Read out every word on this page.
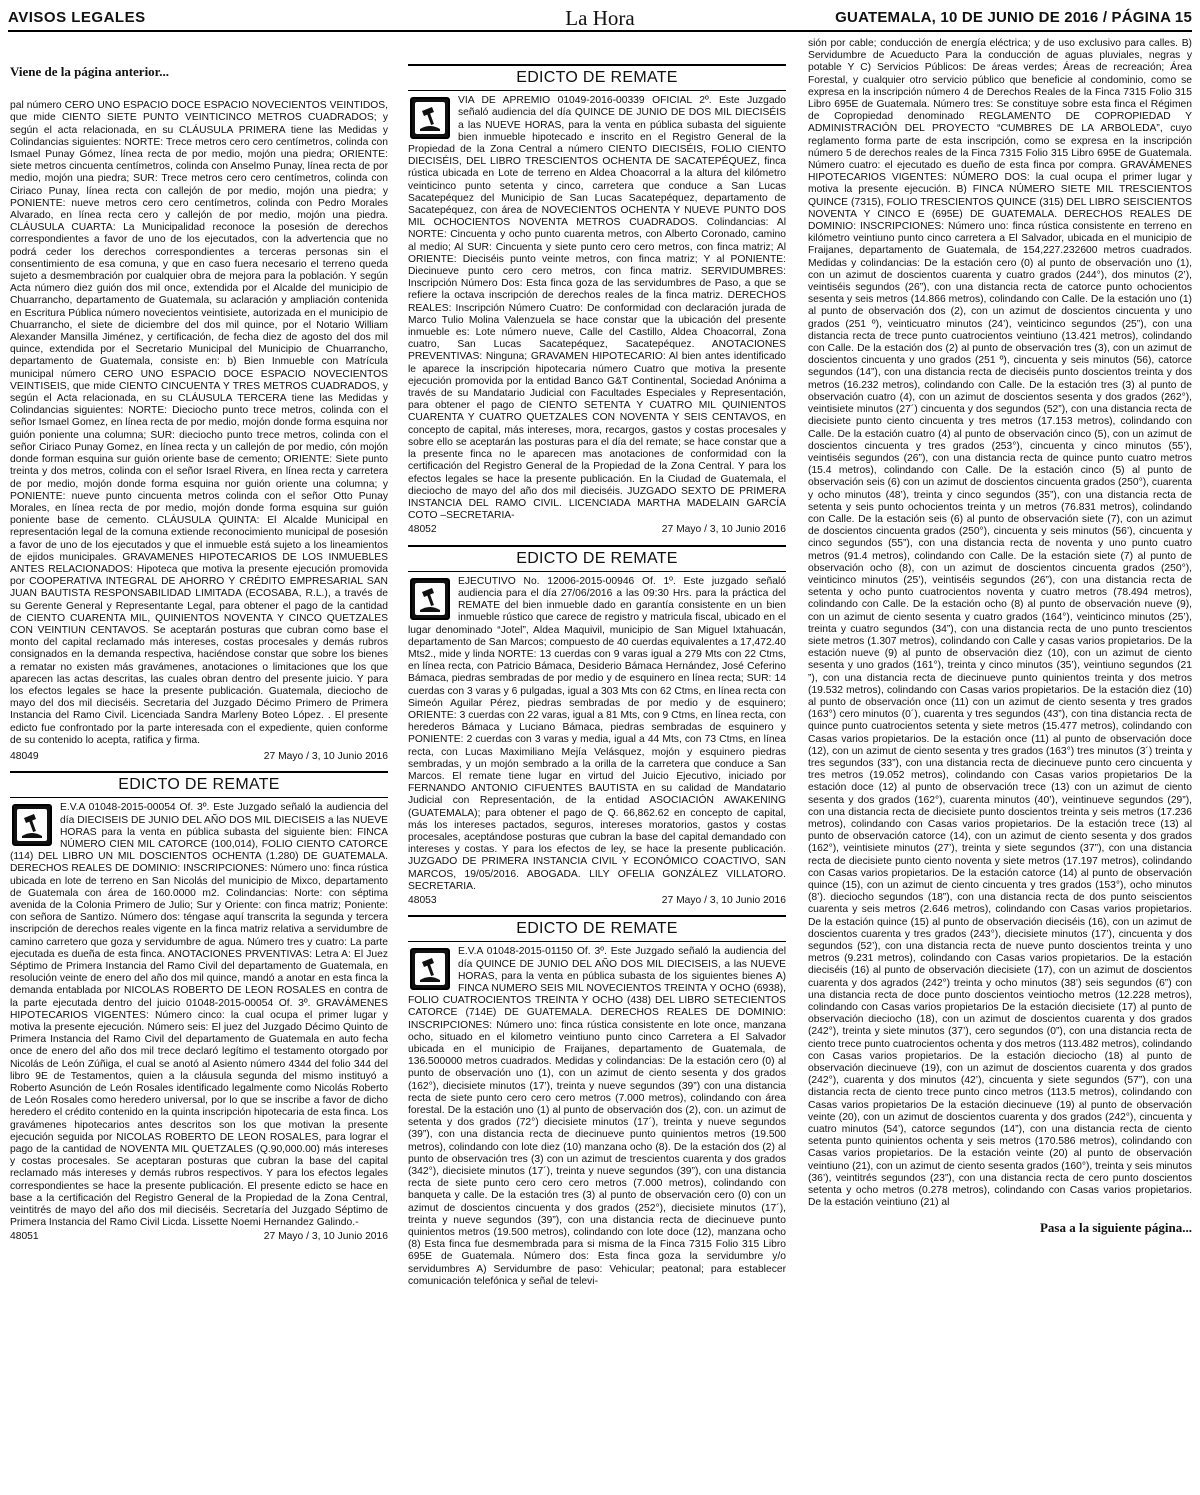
AVISOS LEGALES	La Hora	GUATEMALA, 10 DE JUNIO DE 2016 / PÁGINA 15

Viene de la página anterior...

pal número CERO UNO ESPACIO DOCE ESPACIO NOVECIENTOS VEINTIDOS, que mide CIENTO SIETE PUNTO VEINTICINCO METROS CUADRADOS; y según el acta relacionada, en su CLÁUSULA PRIMERA tiene las Medidas y Colindancias siguientes: NORTE: Trece metros cero cero centímetros, colinda con Ismael Punay Gómez, línea recta de por medio, mojón una piedra; ORIENTE: siete metros cincuenta centímetros, colinda con Anselmo Punay, línea recta de por medio, mojón una piedra; SUR: Trece metros cero cero centímetros, colinda con Ciriaco Punay, línea recta con callejón de por medio, mojón una piedra; y PONIENTE: nueve metros cero cero centímetros, colinda con Pedro Morales Alvarado, en línea recta cero y callejón de por medio, mojón una piedra. CLÁUSULA CUARTA: La Municipalidad reconoce la posesión de derechos correspondientes a favor de uno de los ejecutados, con la advertencia que no podrá ceder los derechos correspondientes a terceras personas sin el consentimiento de esa comuna, y que en caso fuera necesario el terreno queda sujeto a desmembración por cualquier obra de mejora para la población. Y según Acta número diez guión dos mil once, extendida por el Alcalde del municipio de Chuarrancho, departamento de Guatemala, su aclaración y ampliación contenida en Escritura Pública número novecientos veintisiete, autorizada en el municipio de Chuarrancho, el siete de diciembre del dos mil quince, por el Notario William Alexander Mansilla Jiménez, y certificación, de fecha diez de agosto del dos mil quince, extendida por el Secretario Municipal del Municipio de Chuarrancho, departamento de Guatemala, consiste en: b) Bien Inmueble con Matrícula municipal número CERO UNO ESPACIO DOCE ESPACIO NOVECIENTOS VEINTISEIS, que mide CIENTO CINCUENTA Y TRES METROS CUADRADOS, y según el Acta relacionada, en su CLÁUSULA TERCERA tiene las Medidas y Colindancias siguientes: NORTE: Dieciocho punto trece metros, colinda con el señor Ismael Gomez, en línea recta de por medio, mojón donde forma esquina nor guión poniente una columna; SUR: dieciocho punto trece metros, colinda con el señor Ciriaco Punay Gomez, en línea recta y un callejón de por medio, cón mojón donde forman esquina sur guión oriente base de cemento; ORIENTE: Siete punto treinta y dos metros, colinda con el señor Israel Rivera, en línea recta y carretera de por medio, mojón donde forma esquina nor guión oriente una columna; y PONIENTE: nueve punto cincuenta metros colinda con el señor Otto Punay Morales, en línea recta de por medio, mojón donde forma esquina sur guión poniente base de cemento. CLÁUSULA QUINTA: El Alcalde Municipal en representación legal de la comuna extiende reconocimiento municipal de posesión a favor de uno de los ejecutados y que el inmueble está sujeto a los lineamientos de ejidos municipales. GRAVAMENES HIPOTECARIOS DE LOS INMUEBLES ANTES RELACIONADOS: Hipoteca que motiva la presente ejecución promovida por COOPERATIVA INTEGRAL DE AHORRO Y CRÉDITO EMPRESARIAL SAN JUAN BAUTISTA RESPONSABILIDAD LIMITADA (ECOSABA, R.L.), a través de su Gerente General y Representante Legal, para obtener el pago de la cantidad de CIENTO CUARENTA MIL, QUINIENTOS NOVENTA Y CINCO QUETZALES CON VEINTIUN CENTAVOS. Se aceptarán posturas que cubran como base el monto del capital reclamado más intereses, costas procesales y demás rubros consignados en la demanda respectiva, haciéndose constar que sobre los bienes a rematar no existen más gravámenes, anotaciones o limitaciones que los que aparecen las actas descritas, las cuales obran dentro del presente juicio. Y para los efectos legales se hace la presente publicación. Guatemala, dieciocho de mayo del dos mil dieciséis. Secretaria del Juzgado Décimo Primero de Primera Instancia del Ramo Civil. Licenciada Sandra Marleny Boteo López. . El presente edicto fue confrontado por la parte interesada con el expediente, quien conforme de su contenido lo acepta, ratifica y firma.

48049	27 Mayo / 3, 10 Junio 2016
EDICTO DE REMATE

E.V.A 01048-2015-00054 Of. 3º. Este Juzgado señaló la audiencia del día DIECISEIS DE JUNIO DEL AÑO DOS MIL DIECISEIS a las NUEVE HORAS para la venta en pública subasta del siguiente bien: FINCA NÚMERO CIEN MIL CATORCE (100,014), FOLIO CIENTO CATORCE (114) DEL LIBRO UN MIL DOSCIENTOS OCHENTA (1.280) DE GUATEMALA. DERECHOS REALES DE DOMINIO: INSCRIPCIONES: Número uno: finca rústica ubicada en lote de terreno en San Nicolás del municipio de Mixco, departamento de Guatemala con área de 160.0000 m2. Colindancias: Norte: con séptima avenida de la Colonia Primero de Julio; Sur y Oriente: con finca matriz; Poniente: con señora de Santizo. Número dos: téngase aquí transcrita la segunda y tercera inscripción de derechos reales vigente en la finca matriz relativa a servidumbre de camino carretero que goza y servidumbre de agua. Número tres y cuatro: La parte ejecutada es dueña de esta finca. ANOTACIONES PRVENTIVAS: Letra A: El Juez Séptimo de Primera Instancia del Ramo Civil del departamento de Guatemala, en resolución veinte de enero del año dos mil quince, mandó a anotar en esta finca la demanda entablada por NICOLAS ROBERTO DE LEON ROSALES en contra de la parte ejecutada dentro del juicio 01048-2015-00054 Of. 3º. GRAVÁMENES HIPOTECARIOS VIGENTES: Número cinco: la cual ocupa el primer lugar y motiva la presente ejecución. Número seis: El juez del Juzgado Décimo Quinto de Primera Instancia del Ramo Civil del departamento de Guatemala en auto fecha once de enero del año dos mil trece declaró legítimo el testamento otorgado por Nicolás de León Zúñiga, el cual se anotó al Asiento número 4344 del folio 344 del libro 9E de Testamentos, quien a la cláusula segunda del mismo instituyó a Roberto Asunción de León Rosales identificado legalmente como Nicolás Roberto de León Rosales como heredero universal, por lo que se inscribe a favor de dicho heredero el crédito contenido en la quinta inscripción hipotecaria de esta finca. Los gravámenes hipotecarios antes descritos son los que motivan la presente ejecución seguida por NICOLAS ROBERTO DE LEON ROSALES, para lograr el pago de la cantidad de NOVENTA MIL QUETZALES (Q.90,000.00) más intereses y costas procesales. Se aceptaran posturas que cubran la base del capital reclamado más intereses y demás rubros respectivos. Y para los efectos legales correspondientes se hace la presente publicación. El presente edicto se hace en base a la certificación del Registro General de la Propiedad de la Zona Central, veintitrés de mayo del año dos mil dieciséis. Secretaría del Juzgado Séptimo de Primera Instancia del Ramo Civil Licda. Lissette Noemi Hernandez Galindo.-

48051	27 Mayo / 3, 10 Junio 2016
EDICTO DE REMATE

VIA DE APREMIO 01049-2016-00339 OFICIAL 2º. Este Juzgado señaló audiencia del día QUINCE DE JUNIO DE DOS MIL DIECISÉIS a las NUEVE HORAS, para la venta en pública subasta del siguiente bien inmueble hipotecado e inscrito en el Registro General de la Propiedad de la Zona Central a número CIENTO DIECISÉIS, FOLIO CIENTO DIECISÉIS, DEL LIBRO TRESCIENTOS OCHENTA DE SACATEPÉQUEZ, finca rústica ubicada en Lote de terreno en Aldea Choacorral a la altura del kilómetro veinticinco punto setenta y cinco, carretera que conduce a San Lucas Sacatepéquez del Municipio de San Lucas Sacatepéquez, departamento de Sacatepéquez, con área de NOVECIENTOS OCHENTA Y NUEVE PUNTO DOS MIL OCHOCIENTOS NOVENTA METROS CUADRADOS. Colindancias: Al NORTE: Cincuenta y ocho punto cuarenta metros, con Alberto Coronado, camino al medio; Al SUR: Cincuenta y siete punto cero cero metros, con finca matriz; Al ORIENTE: Dieciséis punto veinte metros, con finca matriz; Y al PONIENTE: Diecinueve punto cero cero metros, con finca matriz. SERVIDUMBRES: Inscripción Número Dos: Esta finca goza de las servidumbres de Paso, a que se refiere la octava inscripción de derechos reales de la finca matriz. DERECHOS REALES: Inscripción Número Cuatro: De conformidad con declaración jurada de Marco Tulio Molina Valenzuela se hace constar que la ubicación del presente inmueble es: Lote número nueve, Calle del Castillo, Aldea Choacorral, Zona cuatro, San Lucas Sacatepéquez, Sacatepéquez. ANOTACIONES PREVENTIVAS: Ninguna; GRAVAMEN HIPOTECARIO: Al bien antes identificado le aparece la inscripción hipotecaria número Cuatro que motiva la presente ejecución promovida por la entidad Banco G&T Continental, Sociedad Anónima a través de su Mandatario Judicial con Facultades Especiales y Representación, para obtener el pago de CIENTO SETENTA Y CUATRO MIL QUINIENTOS CUARENTA Y CUATRO QUETZALES CON NOVENTA Y SEIS CENTAVOS, en concepto de capital, más intereses, mora, recargos, gastos y costas procesales y sobre ello se aceptarán las posturas para el día del remate; se hace constar que a la presente finca no le aparecen mas anotaciones de conformidad con la certificación del Registro General de la Propiedad de la Zona Central. Y para los efectos legales se hace la presente publicación. En la Ciudad de Guatemala, el dieciocho de mayo del año dos mil dieciséis. JUZGADO SEXTO DE PRIMERA INSTANCIA DEL RAMO CIVIL. LICENCIADA MARTHA MADELAIN GARCÍA COTO –SECRETARIA-

48052	27 Mayo / 3, 10 Junio 2016
EDICTO DE REMATE

EJECUTIVO No. 12006-2015-00946 Of. 1º. Este juzgado señaló audiencia para el día 27/06/2016 a las 09:30 Hrs. para la práctica del REMATE del bien inmueble dado en garantía consistente en un bien inmueble rústico que carece de registro y matricula fiscal, ubicado en el lugar denominado “Jotel”, Aldea Maquivil, municipio de San Miguel Ixtahuacán, departamento de San Marcos; compuesto de 40 cuerdas equivalentes a 17,472.40 Mts2., mide y linda NORTE: 13 cuerdas con 9 varas igual a 279 Mts con 22 Ctms, en línea recta, con Patricio Bámaca, Desiderio Bámaca Hernández, José Ceferino Bámaca, piedras sembradas de por medio y de esquinero en línea recta; SUR: 14 cuerdas con 3 varas y 6 pulgadas, igual a 303 Mts con 62 Ctms, en línea recta con Simeón Aguilar Pérez, piedras sembradas de por medio y de esquinero; ORIENTE: 3 cuerdas con 22 varas, igual a 81 Mts, con 9 Ctms, en línea recta, con herederos Bámaca y Luciano Bámaca, piedras sembradas de esquinero y PONIENTE: 2 cuerdas con 3 varas y media, igual a 44 Mts, con 73 Ctms, en línea recta, con Lucas Maximiliano Mejía Velásquez, mojón y esquinero piedras sembradas, y un mojón sembrado a la orilla de la carretera que conduce a San Marcos. El remate tiene lugar en virtud del Juicio Ejecutivo, iniciado por FERNANDO ANTONIO CIFUENTES BAUTISTA en su calidad de Mandatario Judicial con Representación, de la entidad ASOCIACIÓN AWAKENING (GUATEMALA); para obtener el pago de Q. 66,862.62 en concepto de capital, más los intereses pactados, seguros, intereses moratorios, gastos y costas procesales, aceptándose posturas que cubran la base del capital demandado con intereses y costas. Y para los efectos de ley, se hace la presente publicación. JUZGADO DE PRIMERA INSTANCIA CIVIL Y ECONÓMICO COACTIVO, SAN MARCOS, 19/05/2016. ABOGADA. LILY OFELIA GONZÁLEZ VILLATORO. SECRETARIA.

48053	27 Mayo / 3, 10 Junio 2016
EDICTO DE REMATE

E.V.A 01048-2015-01150 Of. 3º. Este Juzgado señaló la audiencia del día QUINCE DE JUNIO DEL AÑO DOS MIL DIECISEIS, a las NUEVE HORAS, para la venta en pública subasta de los siguientes bienes A) FINCA NUMERO SEIS MIL NOVECIENTOS TREINTA Y OCHO (6938), FOLIO CUATROCIENTOS TREINTA Y OCHO (438) DEL LIBRO SETECIENTOS CATORCE (714E) DE GUATEMALA. DERECHOS REALES DE DOMINIO: INSCRIPCIONES: Número uno: finca rústica consistente en lote once, manzana ocho, situado en el kilometro veintiuno punto cinco Carretera a El Salvador ubicada en el municipio de Fraijanes, departamento de Guatemala, de 136.500000 metros cuadrados. Medidas y colindancias: De la estación cero (0) al punto de observación uno (1), con un azimut de ciento sesenta y dos grados (162°), diecisiete minutos (17’), treinta y nueve segundos (39”) con una distancia recta de siete punto cero cero cero metros (7.000 metros), colindando con área forestal. De la estación uno (1) al punto de observación dos (2), con. un azimut de setenta y dos grados (72°) diecisiete minutos (17´), treinta y nueve segundos (39”), con una distancia recta de diecinueve punto quinientos metros (19.500 metros), colindando con lote diez (10) manzana ocho (8). De la estación dos (2) al punto de observación tres (3) con un azimut de trescientos cuarenta y dos grados (342°), diecisiete minutos (17´), treinta y nueve segundos (39”), con una distancia recta de siete punto cero cero cero metros (7.000 metros), colindando con banqueta y calle. De la estación tres (3) al punto de observación cero (0) con un azimut de doscientos cincuenta y dos grados (252°), diecisiete minutos (17´), treinta y nueve segundos (39”), con una distancia recta de diecinueve punto quinientos metros (19.500 metros), colindando con lote doce (12), manzana ocho (8) Esta finca fue desmembrada para si misma de la Finca 7315 Folio 315 Libro 695E de Guatemala. Número dos: Esta finca goza la servidumbre y/o servidumbres A) Servidumbre de paso: Vehicular; peatonal; para establecer comunicación telefónica y señal de televi-

sión por cable; conducción de energía eléctrica; y de uso exclusivo para calles. B) Servidumbre de Acueducto Para la conducción de aguas pluviales, negras y potable Y C) Servicios Públicos: De áreas verdes; Áreas de recreación; Área Forestal, y cualquier otro servicio público que beneficie al condominio, como se expresa en la inscripción número 4 de Derechos Reales de la Finca 7315 Folio 315 Libro 695E de Guatemala. Número tres: Se constituye sobre esta finca el Régimen de Copropiedad denominado REGLAMENTO DE COPROPIEDAD Y ADMINISTRACIÓN DEL PROYECTO “CUMBRES DE LA ARBOLEDA”, cuyo reglamento forma parte de esta inscripción, como se expresa en la inscripción número 5 de derechos reales de la Finca 7315 Folio 315 Libro 695E de Guatemala. Número cuatro: el ejecutado es dueño de esta finca por compra. GRAVÁMENES HIPOTECARIOS VIGENTES: NÚMERO DOS: la cual ocupa el primer lugar y motiva la presente ejecución. B) FINCA NÚMERO SIETE MIL TRESCIENTOS QUINCE (7315), FOLIO TRESCIENTOS QUINCE (315) DEL LIBRO SEISCIENTOS NOVENTA Y CINCO E (695E) DE GUATEMALA. DERECHOS REALES DE DOMINIO: INSCRIPCIONES: Número uno: finca rústica consistente en terreno en kilómetro veintiuno punto cinco carretera a El Salvador, ubicada en el municipio de Fraijanes, departamento de Guatemala, de 154,227.232600 metros cuadrados. Medidas y colindancias: De la estación cero (0) al punto de observación uno (1), con un azimut de doscientos cuarenta y cuatro grados (244°), dos minutos (2’), veintiséis segundos (26”), con una distancia recta de catorce punto ochocientos sesenta y seis metros (14.866 metros), colindando con Calle. De la estación uno (1) al punto de observación dos (2), con un azimut de doscientos cincuenta y uno grados (251 º), veinticuatro minutos (24’), veinticinco segundos (25”), con una distancia recta de trece punto cuatrocientos veintiuno (13.421 metros), colindando con Calle. De la estación dos (2) al punto de observación tres (3), con un azimut de doscientos cincuenta y uno grados (251 º), cincuenta y seis minutos (56), catorce segundos (14”), con una distancia recta de dieciséis punto doscientos treinta y dos metros (16.232 metros), colindando con Calle. De la estación tres (3) al punto de observación cuatro (4), con un azimut de doscientos sesenta y dos grados (262°), veintisiete minutos (27´) cincuenta y dos segundos (52”), con una distancia recta de diecisiete punto ciento cincuenta y tres metros (17.153 metros), colindando con Calle. De la estación cuatro (4) al punto de observación cinco (5), con un azimut de doscientos cincuenta y tres grados (253°), cincuenta y cinco minutos (55’), veintiséis segundos (26”), con una distancia recta de quince punto cuatro metros (15.4 metros), colindando con Calle. De la estación cinco (5) al punto de observación seis (6) con un azimut de doscientos cincuenta grados (250°), cuarenta y ocho minutos (48’), treinta y cinco segundos (35”), con una distancia recta de setenta y seis punto ochocientos treinta y un metros (76.831 metros), colindando con Calle. De la estación seis (6) al punto de observación siete (7), con un azimut de doscientos cincuenta grados (250°), cincuenta y seis minutos (56’), cincuenta y cinco segundos (55”), con una distancia recta de noventa y uno punto cuatro metros (91.4 metros), colindando con Calle. De la estación siete (7) al punto de observación ocho (8), con un azimut de doscientos cincuenta grados (250°), veinticinco minutos (25’), veintiséis segundos (26”), con una distancia recta de setenta y ocho punto cuatrocientos noventa y cuatro metros (78.494 metros), colindando con Calle. De la estación ocho (8) al punto de observación nueve (9), con un azimut de ciento sesenta y cuatro grados (164°), veinticinco minutos (25’), treinta y cuatro segundos (34”), con una distancia recta de uno punto trescientos siete metros (1.307 metros), colindando con Calle y casas varios propietarios. De la estación nueve (9) al punto de observación diez (10), con un azimut de ciento sesenta y uno grados (161°), treinta y cinco minutos (35’), veintiuno segundos (21 ”), con una distancia recta de diecinueve punto quinientos treinta y dos metros (19.532 metros), colindando con Casas varios propietarios. De la estación diez (10) al punto de observación once (11) con un azimut de ciento sesenta y tres grados (163°) cero minutos (0´), cuarenta y tres segundos (43”), con tina distancia recta de quince punto cuatrocientos setenta y siete metros (15.477 metros), colindando con Casas varios propietarios. De la estación once (11) al punto de observación doce (12), con un azimut de ciento sesenta y tres grados (163°) tres minutos (3´) treinta y tres segundos (33”), con una distancia recta de diecinueve punto cero cincuenta y tres metros (19.052 metros), colindando con Casas varios propietarios De la estación doce (12) al punto de observación trece (13) con un azimut de ciento sesenta y dos grados (162°), cuarenta minutos (40’), veintinueve segundos (29”), con una distancia recta de diecisiete punto doscientos treinta y seis metros (17.236 metros), colindando con Casas varios propietarios. De la estación trece (13) al punto de observación catorce (14), con un azimut de ciento sesenta y dos grados (162°), veintisiete minutos (27’), treinta y siete segundos (37”), con una distancia recta de diecisiete punto ciento noventa y siete metros (17.197 metros), colindando con Casas varios propietarios. De la estación catorce (14) al punto de observación quince (15), con un azimut de ciento cincuenta y tres grados (153°), ocho minutos (8’). dieciocho segundos (18”), con una distancia recta de dos punto seiscientos cuarenta y seis metros (2.646 metros), colindando con Casas varios propietarios. De la estación quince (15) al punto de observación dieciséis (16), con un azimut de doscientos cuarenta y tres grados (243°), diecisiete minutos (17’), cincuenta y dos segundos (52’), con una distancia recta de nueve punto doscientos treinta y uno metros (9.231 metros), colindando con Casas varios propietarios. De la estación dieciséis (16) al punto de observación diecisiete (17), con un azimut de doscientos cuarenta y dos agrados (242°) treinta y ocho minutos (38’) seis segundos (6”) con una distancia recta de doce punto doscientos veintiocho metros (12.228 metros), colindando con Casas varios propietarios De la estación diecisiete (17) al punto de observación dieciocho (18), con un azimut de doscientos cuarenta y dos grados (242°), treinta y siete minutos (37’), cero segundos (0”), con una distancia recta de ciento trece punto cuatrocientos ochenta y dos metros (113.482 metros), colindando con Casas varios propietarios. De la estación dieciocho (18) al punto de observación diecinueve (19), con un azimut de doscientos cuarenta y dos grados (242°), cuarenta y dos minutos (42’), cincuenta y siete segundos (57”), con una distancia recta de ciento trece punto cinco metros (113.5 metros), colindando con Casas varios propietarios De la estación diecinueve (19) al punto de observación veinte (20), con un azimut de doscientos cuarenta y dos grados (242°), cincuenta y cuatro minutos (54’), catorce segundos (14”), con una distancia recta de ciento setenta punto quinientos ochenta y seis metros (170.586 metros), colindando con Casas varios propietarios. De la estación veinte (20) al punto de observación veintiuno (21), con un azimut de ciento sesenta grados (160°), treinta y seis minutos (36’), veintitrés segundos (23”), con una distancia recta de cero punto doscientos setenta y ocho metros (0.278 metros), colindando con Casas varios propietarios. De la estación veintiuno (21) al

Pasa a la siguiente página...
